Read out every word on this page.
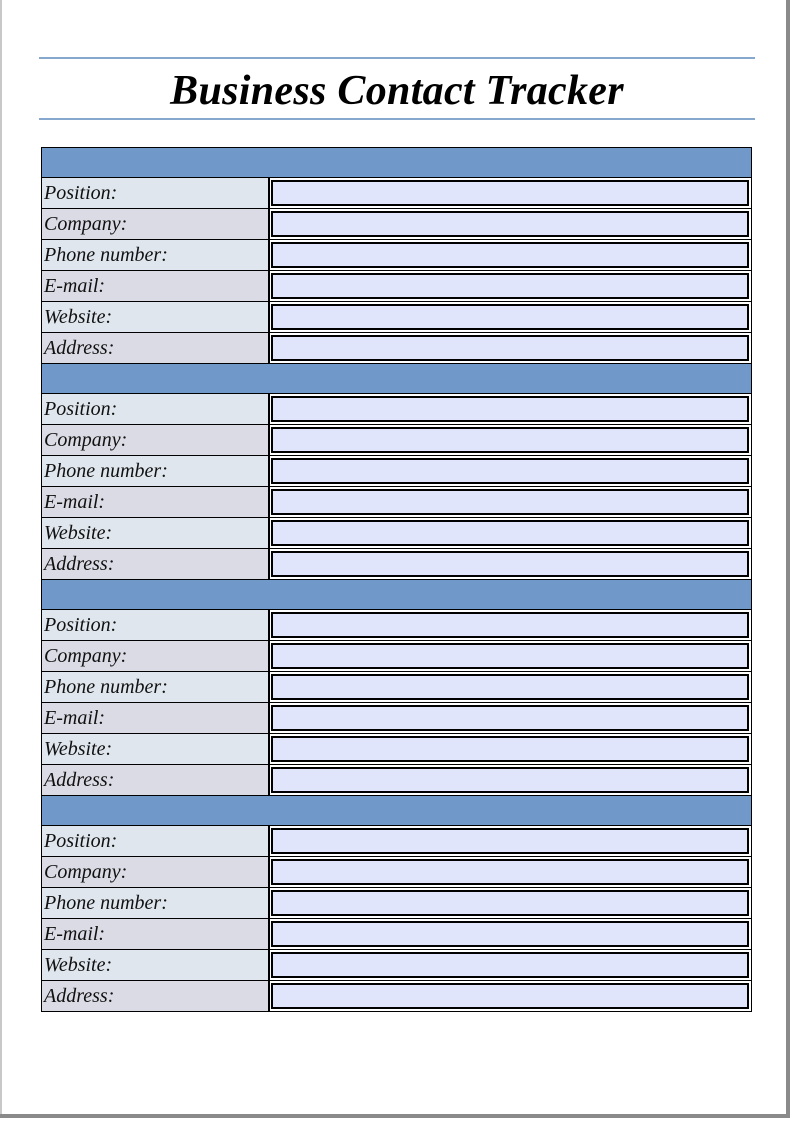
Business Contact Tracker
Position:
Company:
Phone number:
E-mail:
Website:
Address:
Position:
Company:
Phone number:
E-mail:
Website:
Address:
Position:
Company:
Phone number:
E-mail:
Website:
Address:
Position:
Company:
Phone number:
E-mail:
Website:
Address:
